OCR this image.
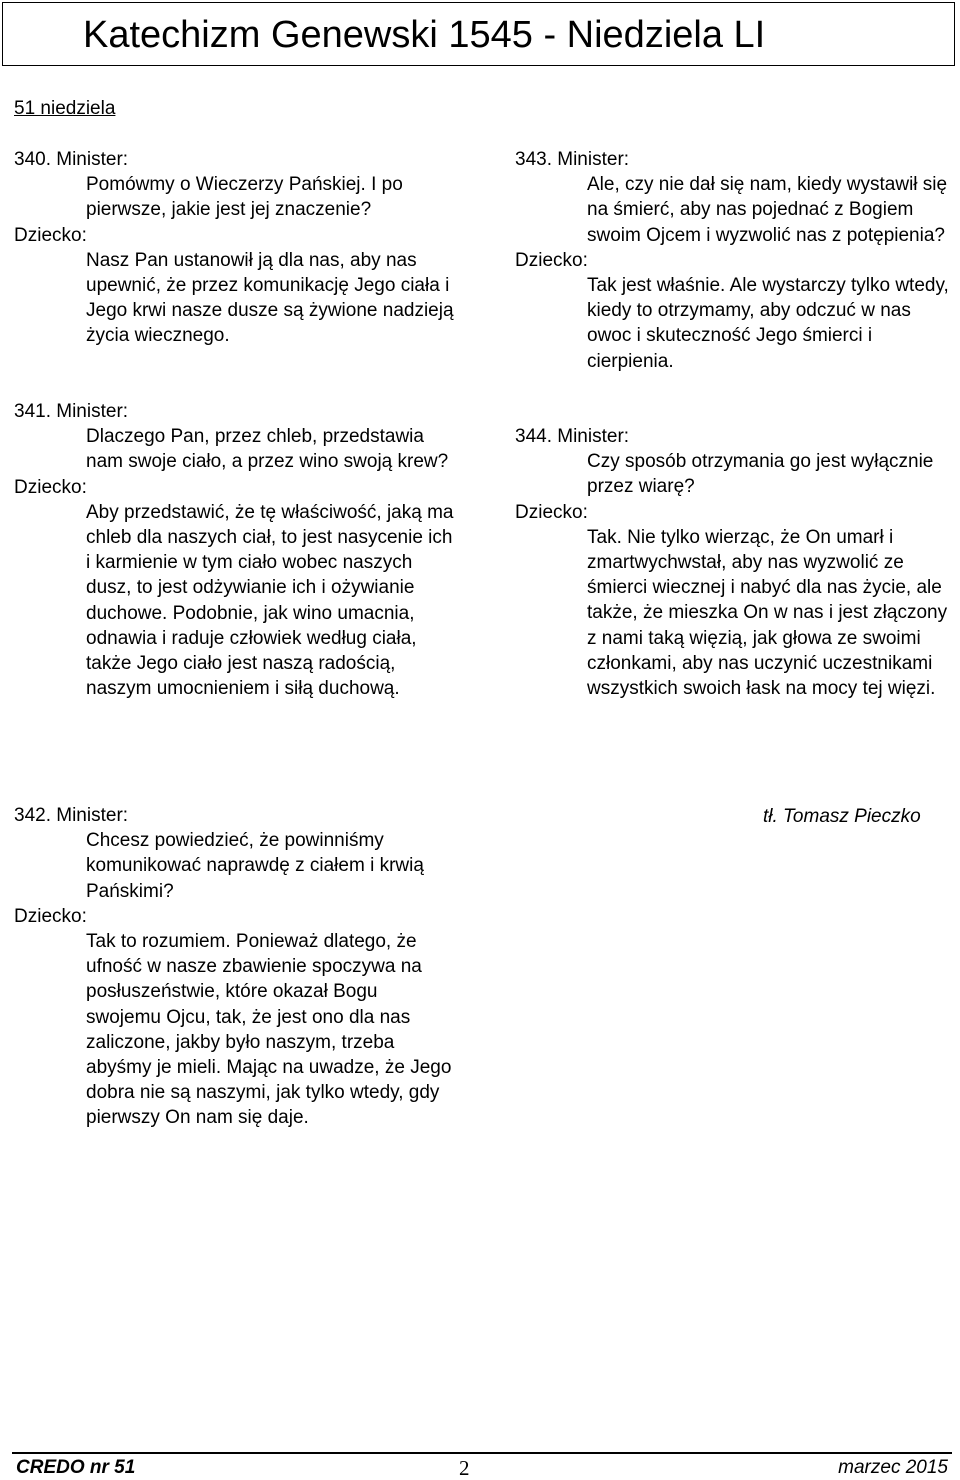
Katechizm Genewski 1545 - Niedziela LI
51 niedziela
340. Minister:
Pomówmy o Wieczerzy Pańskiej. I po pierwsze, jakie jest jej znaczenie?
Dziecko:
Nasz Pan ustanowił ją dla nas, aby nas upewnić, że przez komunikację Jego ciała i Jego krwi nasze dusze są żywione nadzieją życia wiecznego.
341. Minister:
Dlaczego Pan, przez chleb, przedstawia nam swoje ciało, a przez wino swoją krew?
Dziecko:
Aby przedstawić, że tę właściwość, jaką ma chleb dla naszych ciał, to jest nasycenie ich i karmienie w tym ciało wobec naszych dusz, to jest odżywianie ich i ożywianie duchowe. Podobnie, jak wino umacnia, odnawia i raduje człowiek według ciała, także Jego ciało jest naszą radością, naszym umocnieniem i siłą duchową.
342. Minister:
Chcesz powiedzieć, że powinniśmy komunikować naprawdę z ciałem i krwią Pańskimi?
Dziecko:
Tak to rozumiem. Ponieważ dlatego, że ufność w nasze zbawienie spoczywa na posłuszeństwie, które okazał Bogu swojemu Ojcu, tak, że jest ono dla nas zaliczone, jakby było naszym, trzeba abyśmy je mieli. Mając na uwadze, że Jego dobra nie są naszymi, jak tylko wtedy, gdy pierwszy On nam się daje.
343. Minister:
Ale, czy nie dał się nam, kiedy wystawił się na śmierć, aby nas pojednać z Bogiem swoim Ojcem i wyzwolić nas z potępienia?
Dziecko:
Tak jest właśnie. Ale wystarczy tylko wtedy, kiedy to otrzymamy, aby odczuć w nas owoc i skuteczność Jego śmierci i cierpienia.
344. Minister:
Czy sposób otrzymania go jest wyłącznie przez wiarę?
Dziecko:
Tak. Nie tylko wierząc, że On umarł i zmartwychwstał, aby nas wyzwolić ze śmierci wiecznej i nabyć dla nas życie, ale także, że mieszka On w nas i jest złączony z nami taką więzią, jak głowa ze swoimi członkami, aby nas uczynić uczestnikami wszystkich swoich łask na mocy tej więzi.
tł. Tomasz Pieczko
CREDO nr 51	2	marzec 2015
